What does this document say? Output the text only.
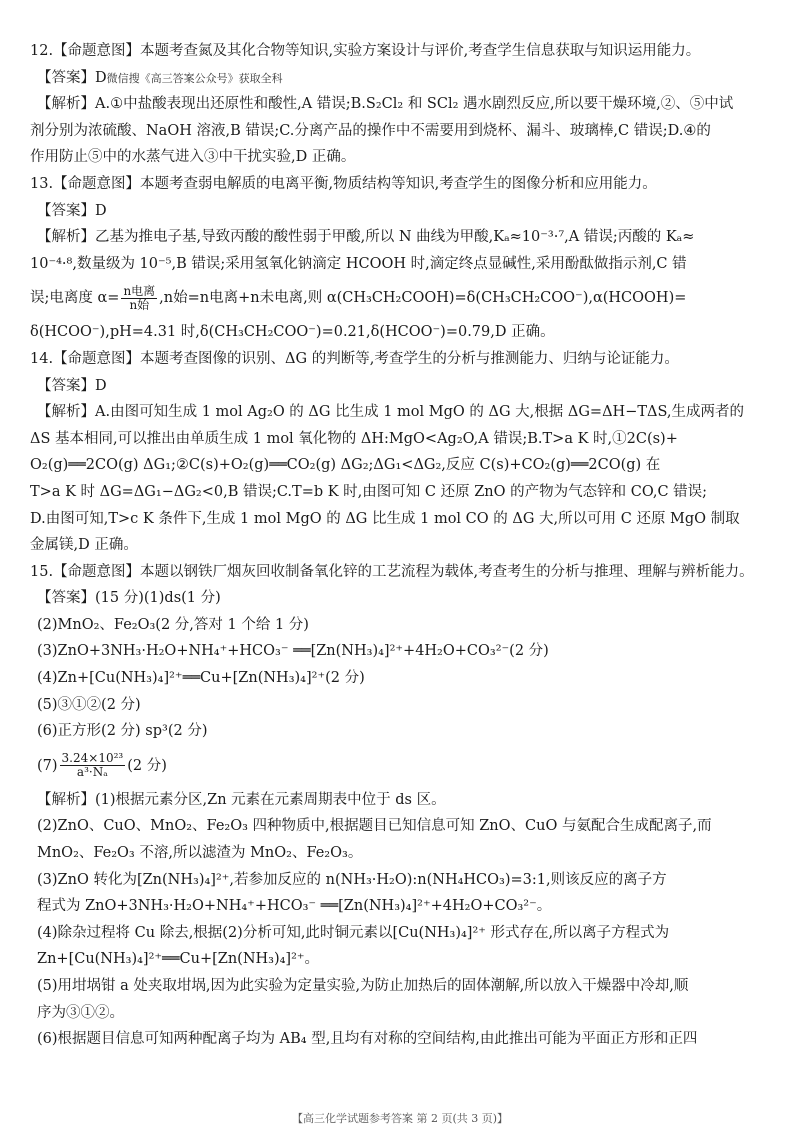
12.【命题意图】本题考查氮及其化合物等知识,实验方案设计与评价,考查学生信息获取与知识运用能力。
【答案】D微信搜《高三答案公众号》获取全科
【解析】A.①中盐酸表现出还原性和酸性,A 错误;B.S₂Cl₂ 和 SCl₂ 遇水剧烈反应,所以要干燥环境,②、⑤中试
剂分别为浓硫酸、NaOH 溶液,B 错误;C.分离产品的操作中不需要用到烧杯、漏斗、玻璃棒,C 错误;D.④的
作用防止⑤中的水蒸气进入③中干扰实验,D 正确。
13.【命题意图】本题考查弱电解质的电离平衡,物质结构等知识,考查学生的图像分析和应用能力。
【答案】D
【解析】乙基为推电子基,导致丙酸的酸性弱于甲酸,所以 N 曲线为甲酸,Kₐ≈10⁻³·⁷,A 错误;丙酸的 Kₐ≈
10⁻⁴·⁸,数量级为 10⁻⁵,B 错误;采用氢氧化钠滴定 HCOOH 时,滴定终点显碱性,采用酚酞做指示剂,C 错
误;电离度 $\alpha= \frac{\text{n电离}}{\text{n始}} ,n$始=n电离+n未电离,则 α(CH₃CH₂COOH)=δ(CH₃CH₂COO⁻),α(HCOOH)=
δ(HCOO⁻),pH=4.31 时,δ(CH₃CH₂COO⁻)=0.21,δ(HCOO⁻)=0.79,D 正确。
14.【命题意图】本题考查图像的识别、ΔG 的判断等,考查学生的分析与推测能力、归纳与论证能力。
【答案】D
【解析】A.由图可知生成 1 mol Ag₂O 的 ΔG 比生成 1 mol MgO 的 ΔG 大,根据 ΔG=ΔH−TΔS,生成两者的
ΔS 基本相同,可以推出由单质生成 1 mol 氧化物的 ΔH:MgO<Ag₂O,A 错误;B.T>a K 时,①2C(s)+
O₂(g)══2CO(g) ΔG₁;②C(s)+O₂(g)══CO₂(g) ΔG₂;ΔG₁<ΔG₂,反应 C(s)+CO₂(g)══2CO(g) 在
T>a K 时 ΔG=ΔG₁−ΔG₂<0,B 错误;C.T=b K 时,由图可知 C 还原 ZnO 的产物为气态锌和 CO,C 错误;
D.由图可知,T>c K 条件下,生成 1 mol MgO 的 ΔG 比生成 1 mol CO 的 ΔG 大,所以可用 C 还原 MgO 制取
金属镁,D 正确。
15.【命题意图】本题以钢铁厂烟灰回收制备氧化锌的工艺流程为载体,考查考生的分析与推理、理解与辨析能力。
【答案】(15 分)(1)ds(1 分)
(2)MnO₂、Fe₂O₃(2 分,答对 1 个给 1 分)
(3)ZnO+3NH₃·H₂O+NH₄⁺+HCO₃⁻ ══[Zn(NH₃)₄]²⁺+4H₂O+CO₃²⁻(2 分)
(4)Zn+[Cu(NH₃)₄]²⁺══Cu+[Zn(NH₃)₄]²⁺(2 分)
(5)③①②(2 分)
(6)正方形(2 分) sp³(2 分)
$(7) \frac{\text{3.24×10²³}}{\text{a³·Nₐ}} (2$ 分)
【解析】(1)根据元素分区,Zn 元素在元素周期表中位于 ds 区。
(2)ZnO、CuO、MnO₂、Fe₂O₃ 四种物质中,根据题目已知信息可知 ZnO、CuO 与氨配合生成配离子,而
MnO₂、Fe₂O₃ 不溶,所以滤渣为 MnO₂、Fe₂O₃。
(3)ZnO 转化为[Zn(NH₃)₄]²⁺,若参加反应的 n(NH₃·H₂O):n(NH₄HCO₃)=3:1,则该反应的离子方
程式为 ZnO+3NH₃·H₂O+NH₄⁺+HCO₃⁻ ══[Zn(NH₃)₄]²⁺+4H₂O+CO₃²⁻。
(4)除杂过程将 Cu 除去,根据(2)分析可知,此时铜元素以[Cu(NH₃)₄]²⁺ 形式存在,所以离子方程式为
Zn+[Cu(NH₃)₄]²⁺══Cu+[Zn(NH₃)₄]²⁺。
(5)用坩埚钳 a 处夹取坩埚,因为此实验为定量实验,为防止加热后的固体潮解,所以放入干燥器中冷却,顺
序为③①②。
(6)根据题目信息可知两种配离子均为 AB₄ 型,且均有对称的空间结构,由此推出可能为平面正方形和正四
【高三化学试题参考答案 第 2 页(共 3 页)】
